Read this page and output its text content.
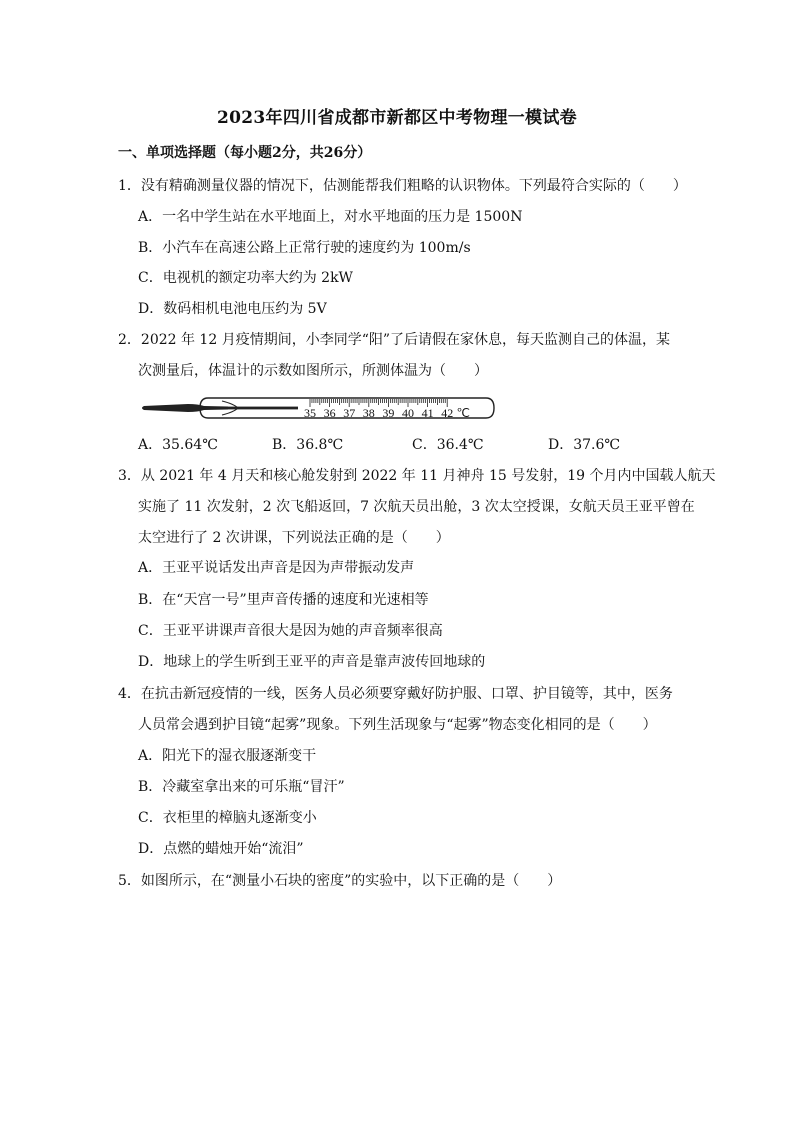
2023年四川省成都市新都区中考物理一模试卷
一、单项选择题（每小题2分，共26分）
1．没有精确测量仪器的情况下，估测能帮我们粗略的认识物体。下列最符合实际的（　　）
A．一名中学生站在水平地面上，对水平地面的压力是 1500N
B．小汽车在高速公路上正常行驶的速度约为 100m/s
C．电视机的额定功率大约为 2kW
D．数码相机电池电压约为 5V
2．2022 年 12 月疫情期间，小李同学“阳”了后请假在家休息，每天监测自己的体温，某
次测量后，体温计的示数如图所示，所测体温为（　　）
35 36 37 38 39 40 41 42 ℃
A．35.64℃	B．36.8℃	C．36.4℃	D．37.6℃
3．从 2021 年 4 月天和核心舱发射到 2022 年 11 月神舟 15 号发射，19 个月内中国载人航天
实施了 11 次发射，2 次飞船返回，7 次航天员出舱，3 次太空授课，女航天员王亚平曾在
太空进行了 2 次讲课，下列说法正确的是（　　）
A．王亚平说话发出声音是因为声带振动发声
B．在“天宫一号”里声音传播的速度和光速相等
C．王亚平讲课声音很大是因为她的声音频率很高
D．地球上的学生听到王亚平的声音是靠声波传回地球的
4．在抗击新冠疫情的一线，医务人员必须要穿戴好防护服、口罩、护目镜等，其中，医务
人员常会遇到护目镜“起雾”现象。下列生活现象与“起雾”物态变化相同的是（　　）
A．阳光下的湿衣服逐渐变干
B．冷藏室拿出来的可乐瓶“冒汗”
C．衣柜里的樟脑丸逐渐变小
D．点燃的蜡烛开始“流泪”
5．如图所示，在“测量小石块的密度”的实验中，以下正确的是（　　）
